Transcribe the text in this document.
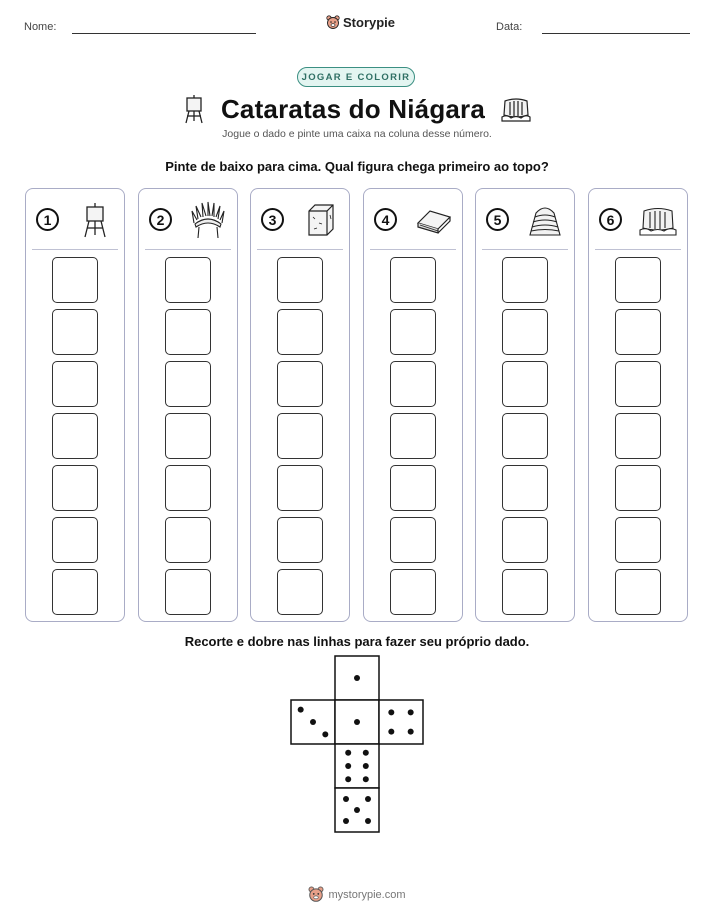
Nome:	Storypie	Data:
JOGAR E COLORIR
Cataratas do Niágara
Jogue o dado e pinte uma caixa na coluna desse número.
Pinte de baixo para cima. Qual figura chega primeiro ao topo?
1	2	3	4	5	6
Recorte e dobre nas linhas para fazer seu próprio dado.
mystorypie.com
